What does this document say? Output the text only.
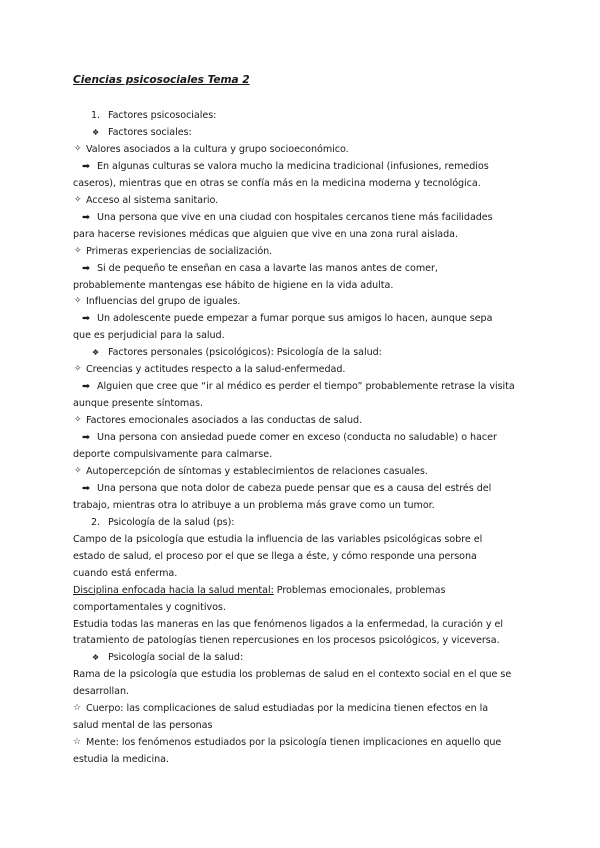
Ciencias psicosociales Tema 2
1. Factores psicosociales:
❖ Factores sociales:
✧ Valores asociados a la cultura y grupo socioeconómico.
➡ En algunas culturas se valora mucho la medicina tradicional (infusiones, remedios
caseros), mientras que en otras se confía más en la medicina moderna y tecnológica.
✧ Acceso al sistema sanitario.
➡ Una persona que vive en una ciudad con hospitales cercanos tiene más facilidades
para hacerse revisiones médicas que alguien que vive en una zona rural aislada.
✧ Primeras experiencias de socialización.
➡ Si de pequeño te enseñan en casa a lavarte las manos antes de comer,
probablemente mantengas ese hábito de higiene en la vida adulta.
✧ Influencias del grupo de iguales.
➡ Un adolescente puede empezar a fumar porque sus amigos lo hacen, aunque sepa
que es perjudicial para la salud.
❖ Factores personales (psicológicos): Psicología de la salud:
✧ Creencias y actitudes respecto a la salud-enfermedad.
➡ Alguien que cree que “ir al médico es perder el tiempo” probablemente retrase la visita
aunque presente síntomas.
✧ Factores emocionales asociados a las conductas de salud.
➡ Una persona con ansiedad puede comer en exceso (conducta no saludable) o hacer
deporte compulsivamente para calmarse.
✧ Autopercepción de síntomas y establecimientos de relaciones casuales.
➡ Una persona que nota dolor de cabeza puede pensar que es a causa del estrés del
trabajo, mientras otra lo atribuye a un problema más grave como un tumor.
2. Psicología de la salud (ps):
Campo de la psicología que estudia la influencia de las variables psicológicas sobre el
estado de salud, el proceso por el que se llega a éste, y cómo responde una persona
cuando está enferma.
Disciplina enfocada hacia la salud mental: Problemas emocionales, problemas
comportamentales y cognitivos.
Estudia todas las maneras en las que fenómenos ligados a la enfermedad, la curación y el
tratamiento de patologías tienen repercusiones en los procesos psicológicos, y viceversa.
❖ Psicología social de la salud:
Rama de la psicología que estudia los problemas de salud en el contexto social en el que se
desarrollan.
☆ Cuerpo: las complicaciones de salud estudiadas por la medicina tienen efectos en la
salud mental de las personas
☆ Mente: los fenómenos estudiados por la psicología tienen implicaciones en aquello que
estudia la medicina.
